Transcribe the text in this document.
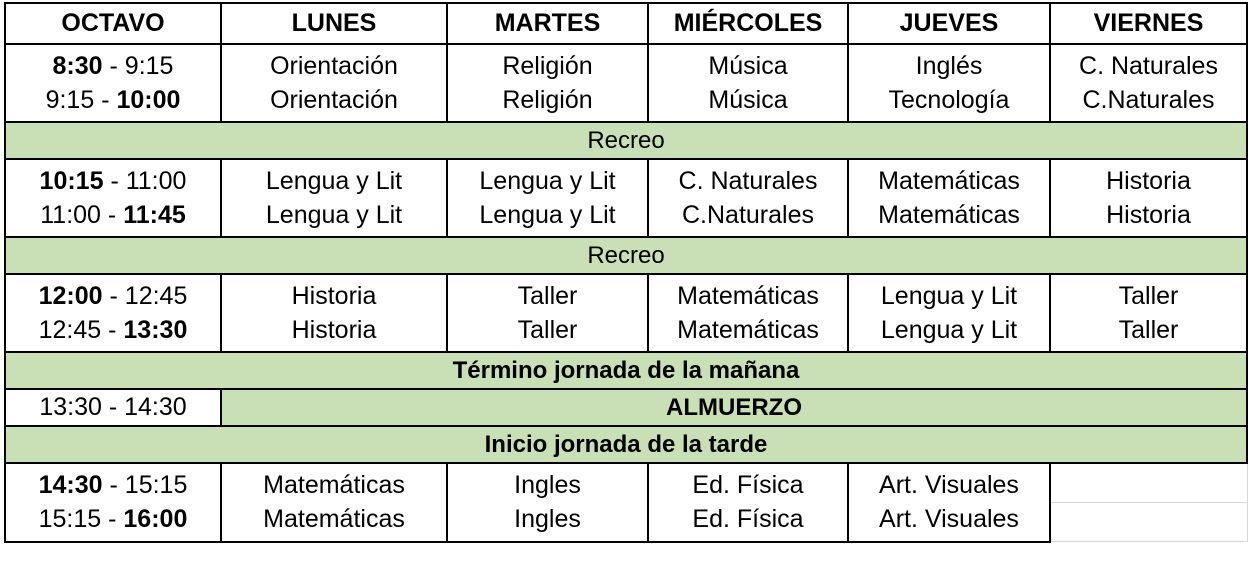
OCTAVO	LUNES	MARTES	MIÉRCOLES	JUEVES	VIERNES
8:30 - 9:15	Orientación	Religión	Música	Inglés	C. Naturales
9:15 - 10:00	Orientación	Religión	Música	Tecnología	C.Naturales
Recreo					
10:15 - 11:00	Lengua y Lit	Lengua y Lit	C. Naturales	Matemáticas	Historia
11:00 - 11:45	Lengua y Lit	Lengua y Lit	C.Naturales	Matemáticas	Historia
Recreo					
12:00 - 12:45	Historia	Taller	Matemáticas	Lengua y Lit	Taller
12:45 - 13:30	Historia	Taller	Matemáticas	Lengua y Lit	Taller
Término jornada de la mañana					
13:30 - 14:30	ALMUERZO				
Inicio jornada de la tarde					
14:30 - 15:15	Matemáticas	Ingles	Ed. Física	Art. Visuales	
15:15 - 16:00	Matemáticas	Ingles	Ed. Física	Art. Visuales	
